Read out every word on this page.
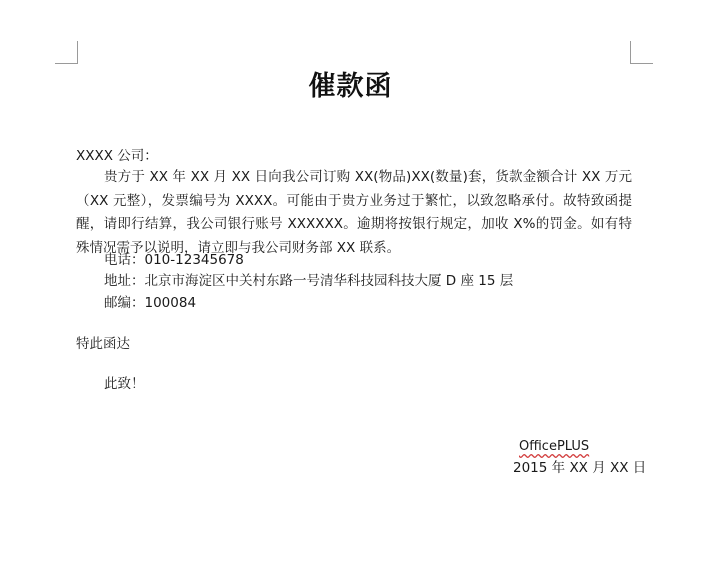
催款函
XXXX 公司：
贵方于 XX 年 XX 月 XX 日向我公司订购 XX(物品)XX(数量)套，货款金额合计 XX 万元（XX 元整），发票编号为 XXXX。可能由于贵方业务过于繁忙，以致忽略承付。故特致函提醒，请即行结算，我公司银行账号 XXXXXX。逾期将按银行规定，加收 X%的罚金。如有特殊情况需予以说明，请立即与我公司财务部 XX 联系。
电话：010-12345678
地址：北京市海淀区中关村东路一号清华科技园科技大厦 D 座 15 层
邮编：100084
特此函达
此致！
OfficePLUS
2015 年 XX 月 XX 日
